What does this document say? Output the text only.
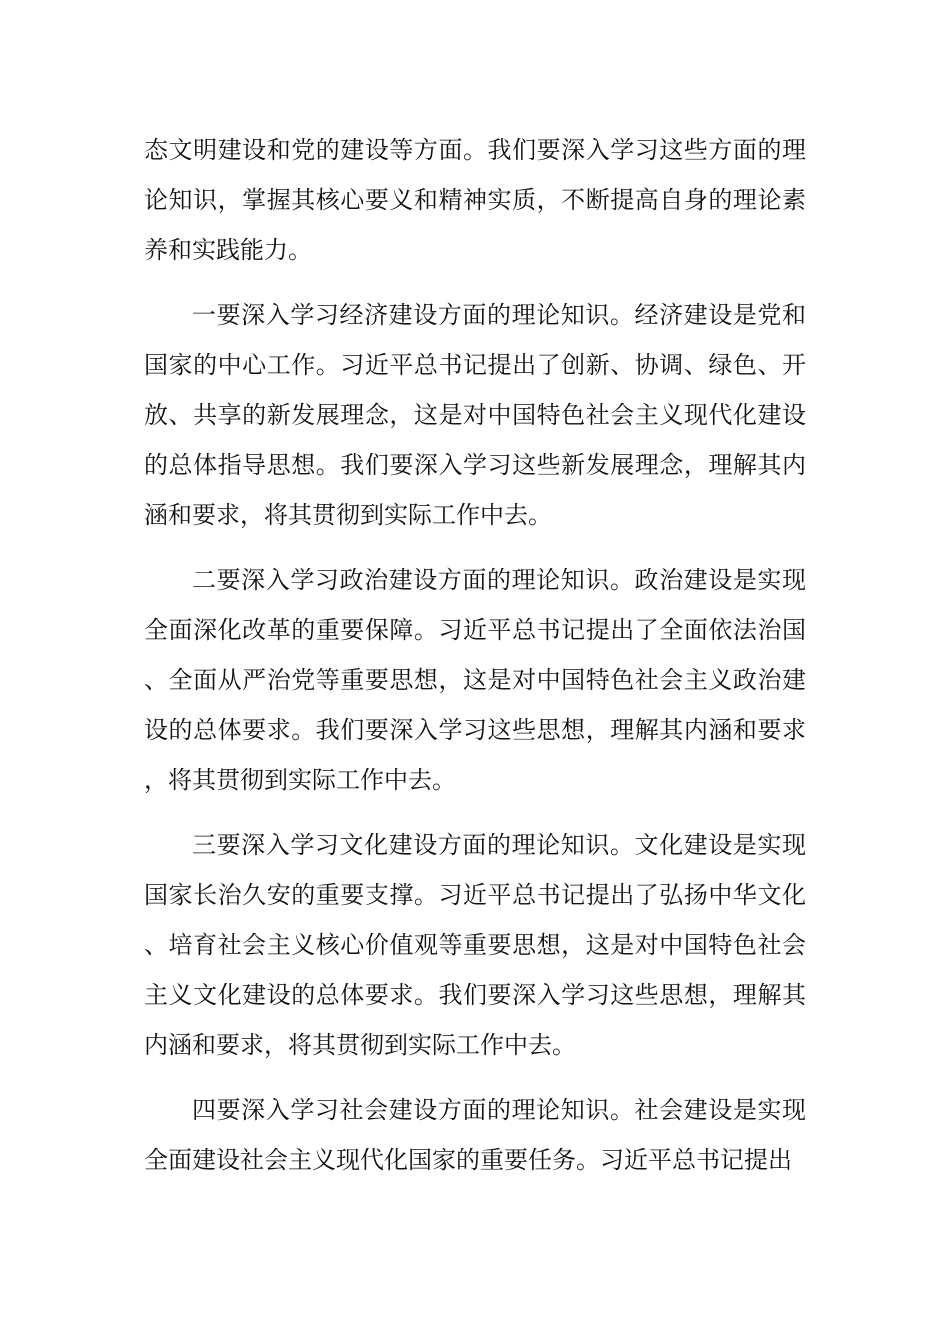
态文明建设和党的建设等方面。我们要深入学习这些方面的理论知识，掌握其核心要义和精神实质，不断提高自身的理论素养和实践能力。

一要深入学习经济建设方面的理论知识。经济建设是党和国家的中心工作。习近平总书记提出了创新、协调、绿色、开放、共享的新发展理念，这是对中国特色社会主义现代化建设的总体指导思想。我们要深入学习这些新发展理念，理解其内涵和要求，将其贯彻到实际工作中去。

二要深入学习政治建设方面的理论知识。政治建设是实现全面深化改革的重要保障。习近平总书记提出了全面依法治国、全面从严治党等重要思想，这是对中国特色社会主义政治建设的总体要求。我们要深入学习这些思想，理解其内涵和要求，将其贯彻到实际工作中去。

三要深入学习文化建设方面的理论知识。文化建设是实现国家长治久安的重要支撑。习近平总书记提出了弘扬中华文化、培育社会主义核心价值观等重要思想，这是对中国特色社会主义文化建设的总体要求。我们要深入学习这些思想，理解其内涵和要求，将其贯彻到实际工作中去。

四要深入学习社会建设方面的理论知识。社会建设是实现全面建设社会主义现代化国家的重要任务。习近平总书记提出
